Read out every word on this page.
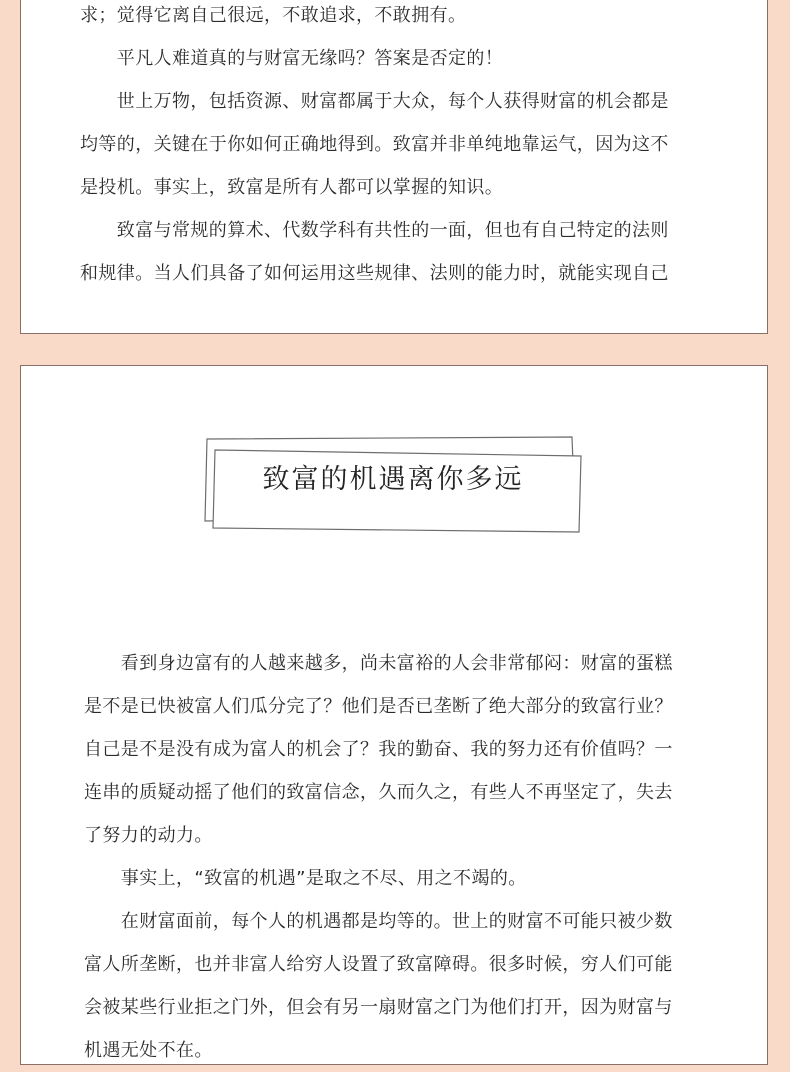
求；觉得它离自己很远，不敢追求，不敢拥有。
　　平凡人难道真的与财富无缘吗？答案是否定的！
　　世上万物，包括资源、财富都属于大众，每个人获得财富的机会都是
均等的，关键在于你如何正确地得到。致富并非单纯地靠运气，因为这不
是投机。事实上，致富是所有人都可以掌握的知识。
　　致富与常规的算术、代数学科有共性的一面，但也有自己特定的法则
和规律。当人们具备了如何运用这些规律、法则的能力时，就能实现自己
致富的机遇离你多远
　　看到身边富有的人越来越多，尚未富裕的人会非常郁闷：财富的蛋糕
是不是已快被富人们瓜分完了？他们是否已垄断了绝大部分的致富行业？
自己是不是没有成为富人的机会了？我的勤奋、我的努力还有价值吗？一
连串的质疑动摇了他们的致富信念，久而久之，有些人不再坚定了，失去
了努力的动力。
　　事实上，“致富的机遇”是取之不尽、用之不竭的。
　　在财富面前，每个人的机遇都是均等的。世上的财富不可能只被少数
富人所垄断，也并非富人给穷人设置了致富障碍。很多时候，穷人们可能
会被某些行业拒之门外，但会有另一扇财富之门为他们打开，因为财富与
机遇无处不在。
